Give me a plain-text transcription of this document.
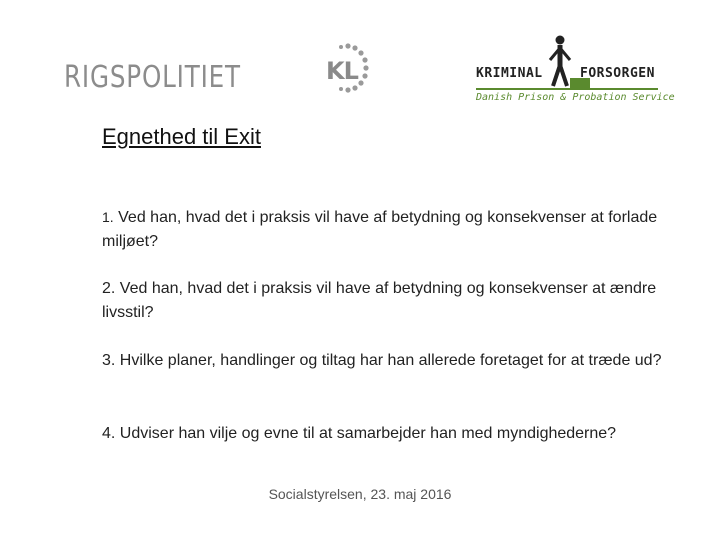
RIGSPOLITIET	KL	KRIMINAL	FORSORGEN
Danish Prison & Probation Service
Egnethed til Exit
1. Ved han, hvad det i praksis vil have af betydning og konsekvenser at forlade miljøet?
2. Ved han, hvad det i praksis vil have af betydning og konsekvenser at ændre livsstil?
3. Hvilke planer, handlinger og tiltag har han allerede foretaget for at træde ud?
4. Udviser han vilje og evne til at samarbejder han med myndighederne?
Socialstyrelsen, 23. maj 2016
